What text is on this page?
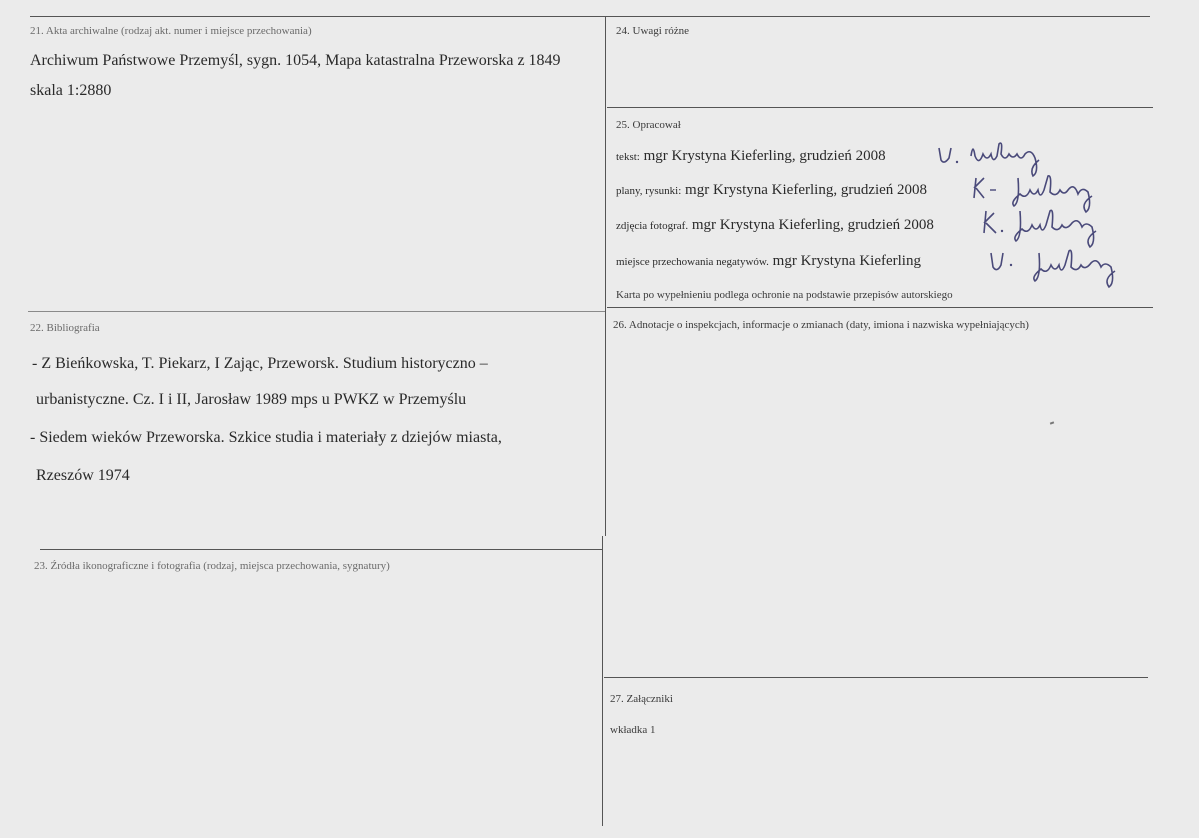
21. Akta archiwalne (rodzaj akt. numer i miejsce przechowania)
Archiwum Państwowe Przemyśl, sygn. 1054, Mapa katastralna Przeworska z 1849
skala 1:2880
24. Uwagi różne
25. Opracował
tekst: mgr Krystyna Kieferling, grudzień 2008
plany, rysunki: mgr Krystyna Kieferling, grudzień 2008
zdjęcia fotograf. mgr Krystyna Kieferling, grudzień 2008
miejsce przechowania negatywów. mgr Krystyna Kieferling
Karta po wypełnieniu podlega ochronie na podstawie przepisów autorskiego
22. Bibliografia
- Z Bieńkowska, T. Piekarz, I Zając, Przeworsk. Studium historyczno –
urbanistyczne. Cz. I i II, Jarosław 1989 mps u PWKZ w Przemyślu
- Siedem wieków Przeworska. Szkice studia i materiały z dziejów miasta,
Rzeszów 1974
26. Adnotacje o inspekcjach, informacje o zmianach (daty, imiona i nazwiska wypełniających)
23. Źródła ikonograficzne i fotografia (rodzaj, miejsca przechowania, sygnatury)
27. Załączniki
wkładka 1
